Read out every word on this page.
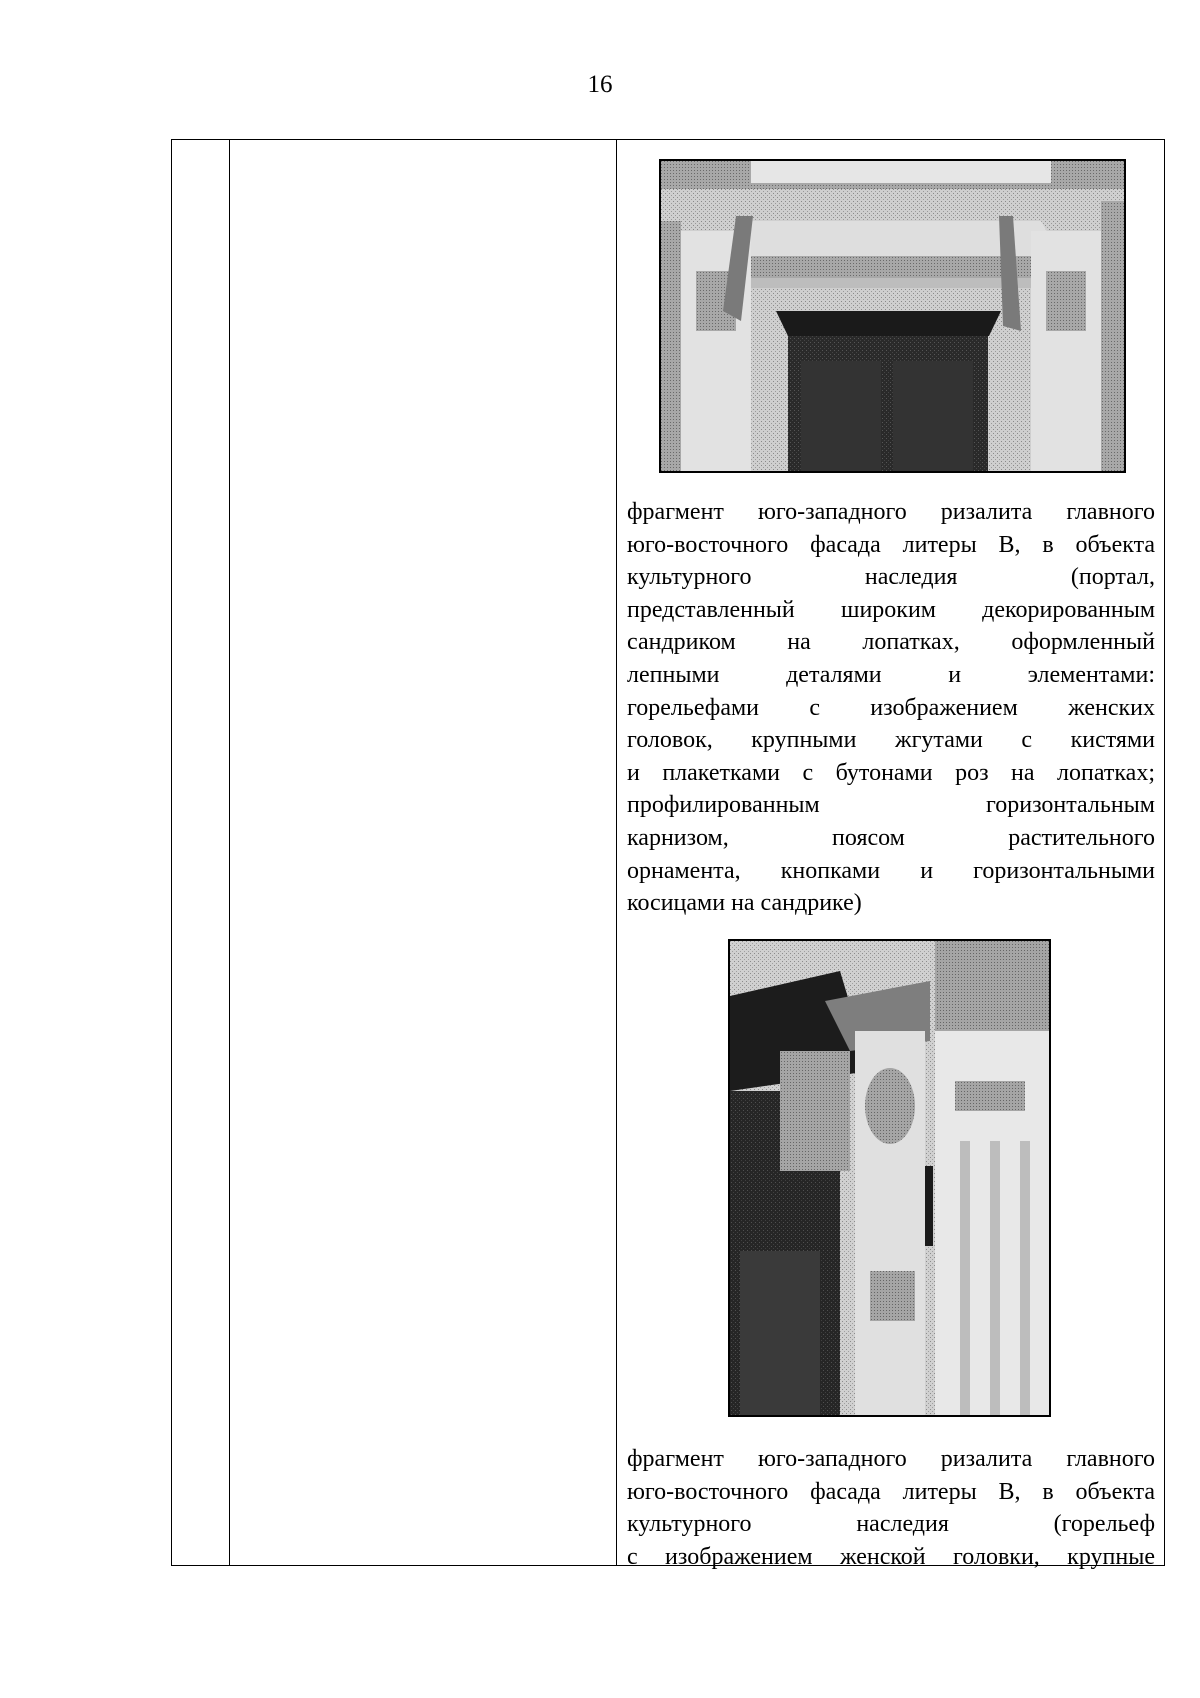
16
фрагмент юго-западного ризалита главного
юго-восточного фасада литеры В, в объекта
культурного наследия (портал,
представленный широким декорированным
сандриком на лопатках, оформленный
лепными деталями и элементами:
горельефами с изображением женских
головок, крупными жгутами с кистями
и плакетками с бутонами роз на лопатках;
профилированным горизонтальным
карнизом, поясом растительного
орнамента, кнопками и горизонтальными
косицами на сандрике)
фрагмент юго-западного ризалита главного
юго-восточного фасада литеры В, в объекта
культурного наследия (горельеф
с изображением женской головки, крупные
